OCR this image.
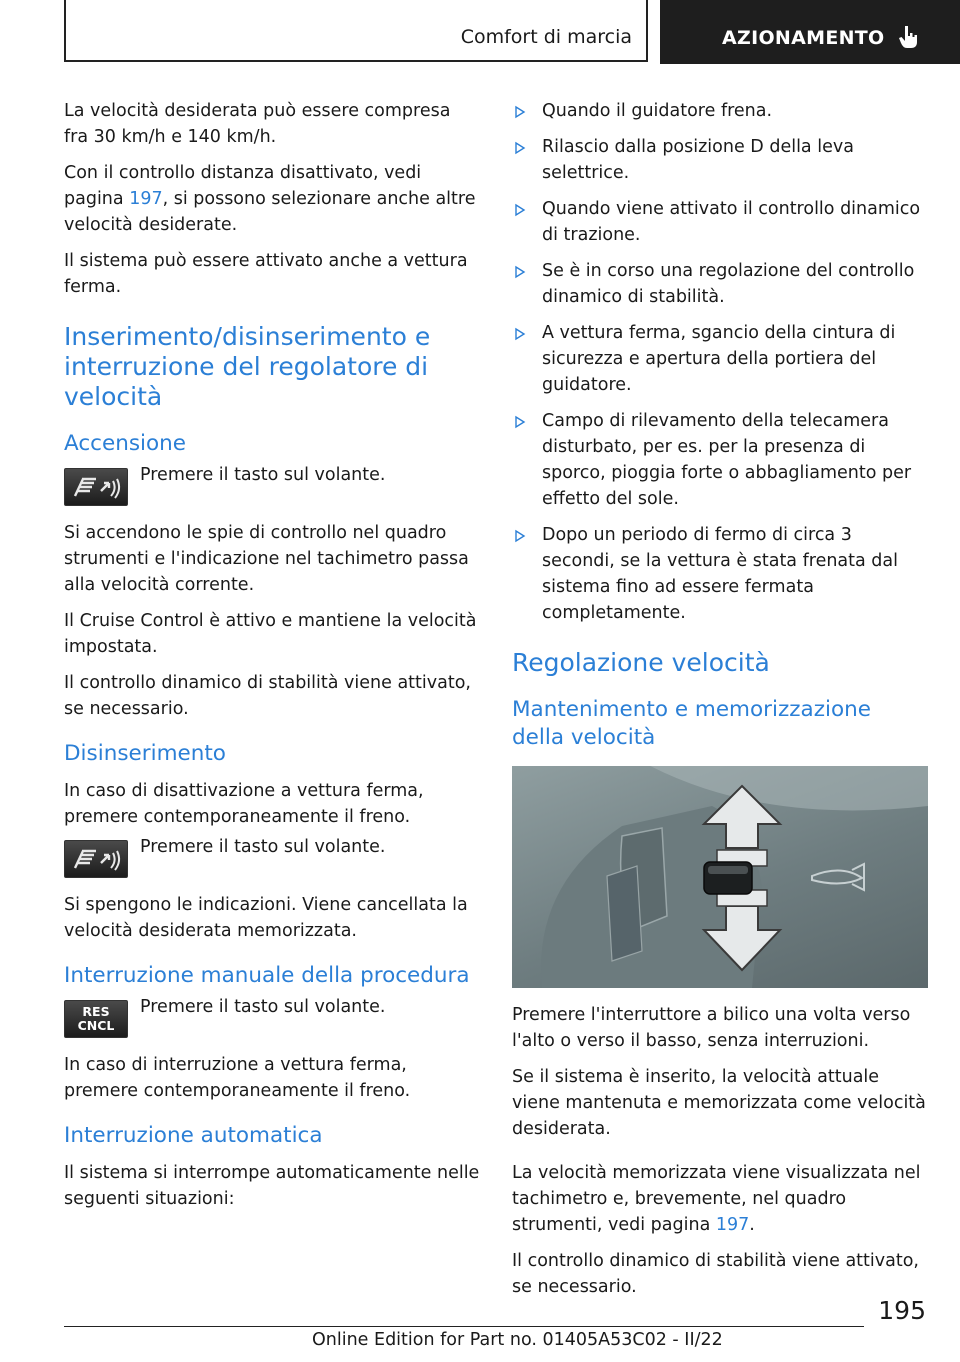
Comfort di marcia	AZIONAMENTO

La velocità desiderata può essere compresa fra 30 km/h e 140 km/h.

Con il controllo distanza disattivato, vedi pagina 197, si possono selezionare anche altre velocità desiderate.

Il sistema può essere attivato anche a vettura ferma.

Inserimento/disinserimento e interruzione del regolatore di velocità
Accensione
Premere il tasto sul volante.

Si accendono le spie di controllo nel quadro strumenti e l'indicazione nel tachimetro passa alla velocità corrente.

Il Cruise Control è attivo e mantiene la velocità impostata.

Il controllo dinamico di stabilità viene attivato, se necessario.

Disinserimento

In caso di disattivazione a vettura ferma, premere contemporaneamente il freno.

Premere il tasto sul volante.

Si spengono le indicazioni. Viene cancellata la velocità desiderata memorizzata.

Interruzione manuale della procedura
RES
CNCL
Premere il tasto sul volante.

In caso di interruzione a vettura ferma, premere contemporaneamente il freno.

Interruzione automatica

Il sistema si interrompe automaticamente nelle seguenti situazioni:

Quando il guidatore frena.
Rilascio dalla posizione D della leva selettrice.
Quando viene attivato il controllo dinamico di trazione.
Se è in corso una regolazione del controllo dinamico di stabilità.
A vettura ferma, sgancio della cintura di sicurezza e apertura della portiera del guidatore.
Campo di rilevamento della telecamera disturbato, per es. per la presenza di sporco, pioggia forte o abbagliamento per effetto del sole.
Dopo un periodo di fermo di circa 3 secondi, se la vettura è stata frenata dal sistema fino ad essere fermata completamente.
Regolazione velocità
Mantenimento e memorizzazione della velocità

Premere l'interruttore a bilico una volta verso l'alto o verso il basso, senza interruzioni.

Se il sistema è inserito, la velocità attuale viene mantenuta e memorizzata come velocità desiderata.

La velocità memorizzata viene visualizzata nel tachimetro e, brevemente, nel quadro strumenti, vedi pagina 197.

Il controllo dinamico di stabilità viene attivato, se necessario.

195
Online Edition for Part no. 01405A53C02 - II/22
